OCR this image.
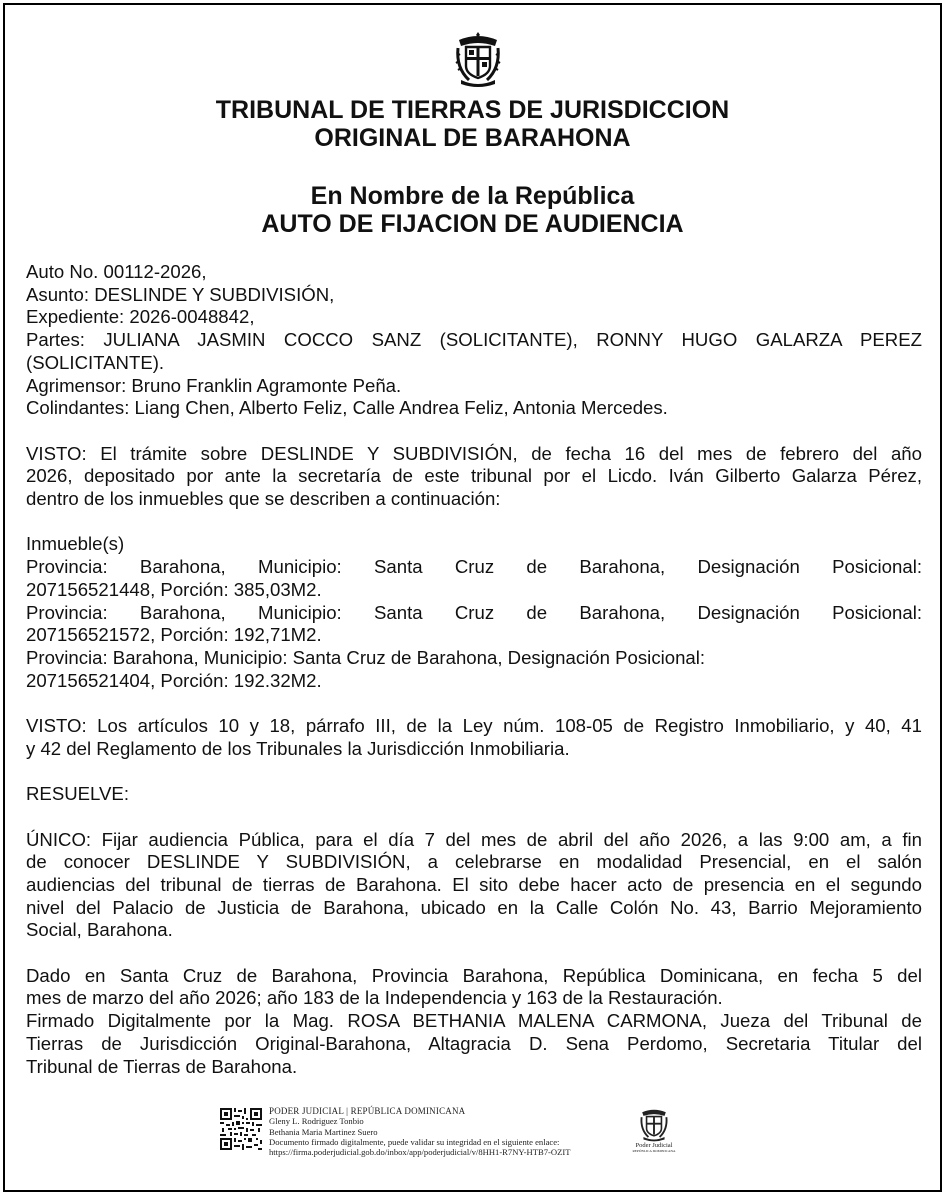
TRIBUNAL DE TIERRAS DE JURISDICCION
ORIGINAL DE BARAHONA
En Nombre de la República
AUTO DE FIJACION DE AUDIENCIA
Auto No. 00112-2026,
Asunto: DESLINDE Y SUBDIVISIÓN,
Expediente: 2026-0048842,
Partes: JULIANA JASMIN COCCO SANZ (SOLICITANTE), RONNY HUGO GALARZA PEREZ
(SOLICITANTE).
Agrimensor: Bruno Franklin Agramonte Peña.
Colindantes: Liang Chen, Alberto Feliz, Calle Andrea Feliz, Antonia Mercedes.
VISTO: El trámite sobre DESLINDE Y SUBDIVISIÓN, de fecha 16 del mes de febrero del año
2026, depositado por ante la secretaría de este tribunal por el Licdo. Iván Gilberto Galarza Pérez,
dentro de los inmuebles que se describen a continuación:
Inmueble(s)
Provincia: Barahona, Municipio: Santa Cruz de Barahona, Designación Posicional:
207156521448, Porción: 385,03M2.
Provincia: Barahona, Municipio: Santa Cruz de Barahona, Designación Posicional:
207156521572, Porción: 192,71M2.
Provincia: Barahona, Municipio: Santa Cruz de Barahona, Designación Posicional:
207156521404, Porción: 192.32M2.
VISTO: Los artículos 10 y 18, párrafo III, de la Ley núm. 108-05 de Registro Inmobiliario, y 40, 41
y 42 del Reglamento de los Tribunales la Jurisdicción Inmobiliaria.
RESUELVE:
ÚNICO: Fijar audiencia Pública, para el día 7 del mes de abril del año 2026, a las 9:00 am, a fin
de conocer DESLINDE Y SUBDIVISIÓN, a celebrarse en modalidad Presencial, en el salón
audiencias del tribunal de tierras de Barahona. El sito debe hacer acto de presencia en el segundo
nivel del Palacio de Justicia de Barahona, ubicado en la Calle Colón No. 43, Barrio Mejoramiento
Social, Barahona.
Dado en Santa Cruz de Barahona, Provincia Barahona, República Dominicana, en fecha 5 del
mes de marzo del año 2026; año 183 de la Independencia y 163 de la Restauración.
Firmado Digitalmente por la Mag. ROSA BETHANIA MALENA CARMONA, Jueza del Tribunal de
Tierras de Jurisdicción Original-Barahona, Altagracia D. Sena Perdomo, Secretaria Titular del
Tribunal de Tierras de Barahona.
PODER JUDICIAL | REPÚBLICA DOMINICANA
Gleny L. Rodriguez Tonbio
Bethania Maria Martinez Suero
Documento firmado digitalmente, puede validar su integridad en el siguiente enlace:
https://firma.poderjudicial.gob.do/inbox/app/poderjudicial/v/8HH1-R7NY-HTB7-OZIT
Poder Judicial
REPÚBLICA DOMINICANA
